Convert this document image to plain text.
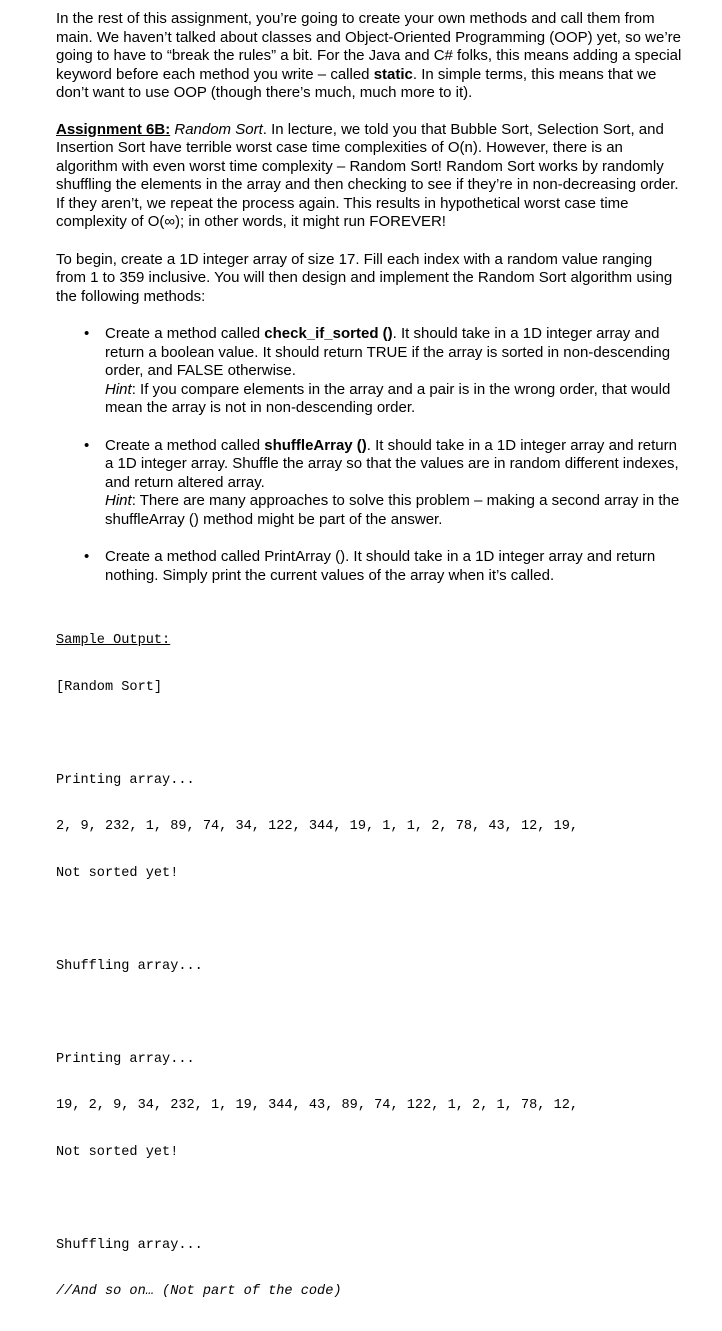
In the rest of this assignment, you’re going to create your own methods and call them from main. We haven’t talked about classes and Object-Oriented Programming (OOP) yet, so we’re going to have to “break the rules” a bit. For the Java and C# folks, this means adding a special keyword before each method you write – called static. In simple terms, this means that we don’t want to use OOP (though there’s much, much more to it).

Assignment 6B: Random Sort. In lecture, we told you that Bubble Sort, Selection Sort, and Insertion Sort have terrible worst case time complexities of O(n). However, there is an algorithm with even worst time complexity – Random Sort! Random Sort works by randomly shuffling the elements in the array and then checking to see if they’re in non-decreasing order. If they aren’t, we repeat the process again. This results in hypothetical worst case time complexity of O(∞); in other words, it might run FOREVER!

To begin, create a 1D integer array of size 17. Fill each index with a random value ranging from 1 to 359 inclusive. You will then design and implement the Random Sort algorithm using the following methods:

• Create a method called check_if_sorted (). It should take in a 1D integer array and return a boolean value. It should return TRUE if the array is sorted in non-descending order, and FALSE otherwise.
Hint: If you compare elements in the array and a pair is in the wrong order, that would mean the array is not in non-descending order.
• Create a method called shuffleArray (). It should take in a 1D integer array and return a 1D integer array. Shuffle the array so that the values are in random different indexes, and return altered array.
Hint: There are many approaches to solve this problem – making a second array in the shuffleArray () method might be part of the answer.
• Create a method called PrintArray (). It should take in a 1D integer array and return nothing. Simply print the current values of the array when it’s called.

Sample Output:

[Random Sort]

Printing array...

2, 9, 232, 1, 89, 74, 34, 122, 344, 19, 1, 1, 2, 78, 43, 12, 19,

Not sorted yet!

Shuffling array...

Printing array...

19, 2, 9, 34, 232, 1, 19, 344, 43, 89, 74, 122, 1, 2, 1, 78, 12,

Not sorted yet!

Shuffling array...

//And so on… (Not part of the code)
